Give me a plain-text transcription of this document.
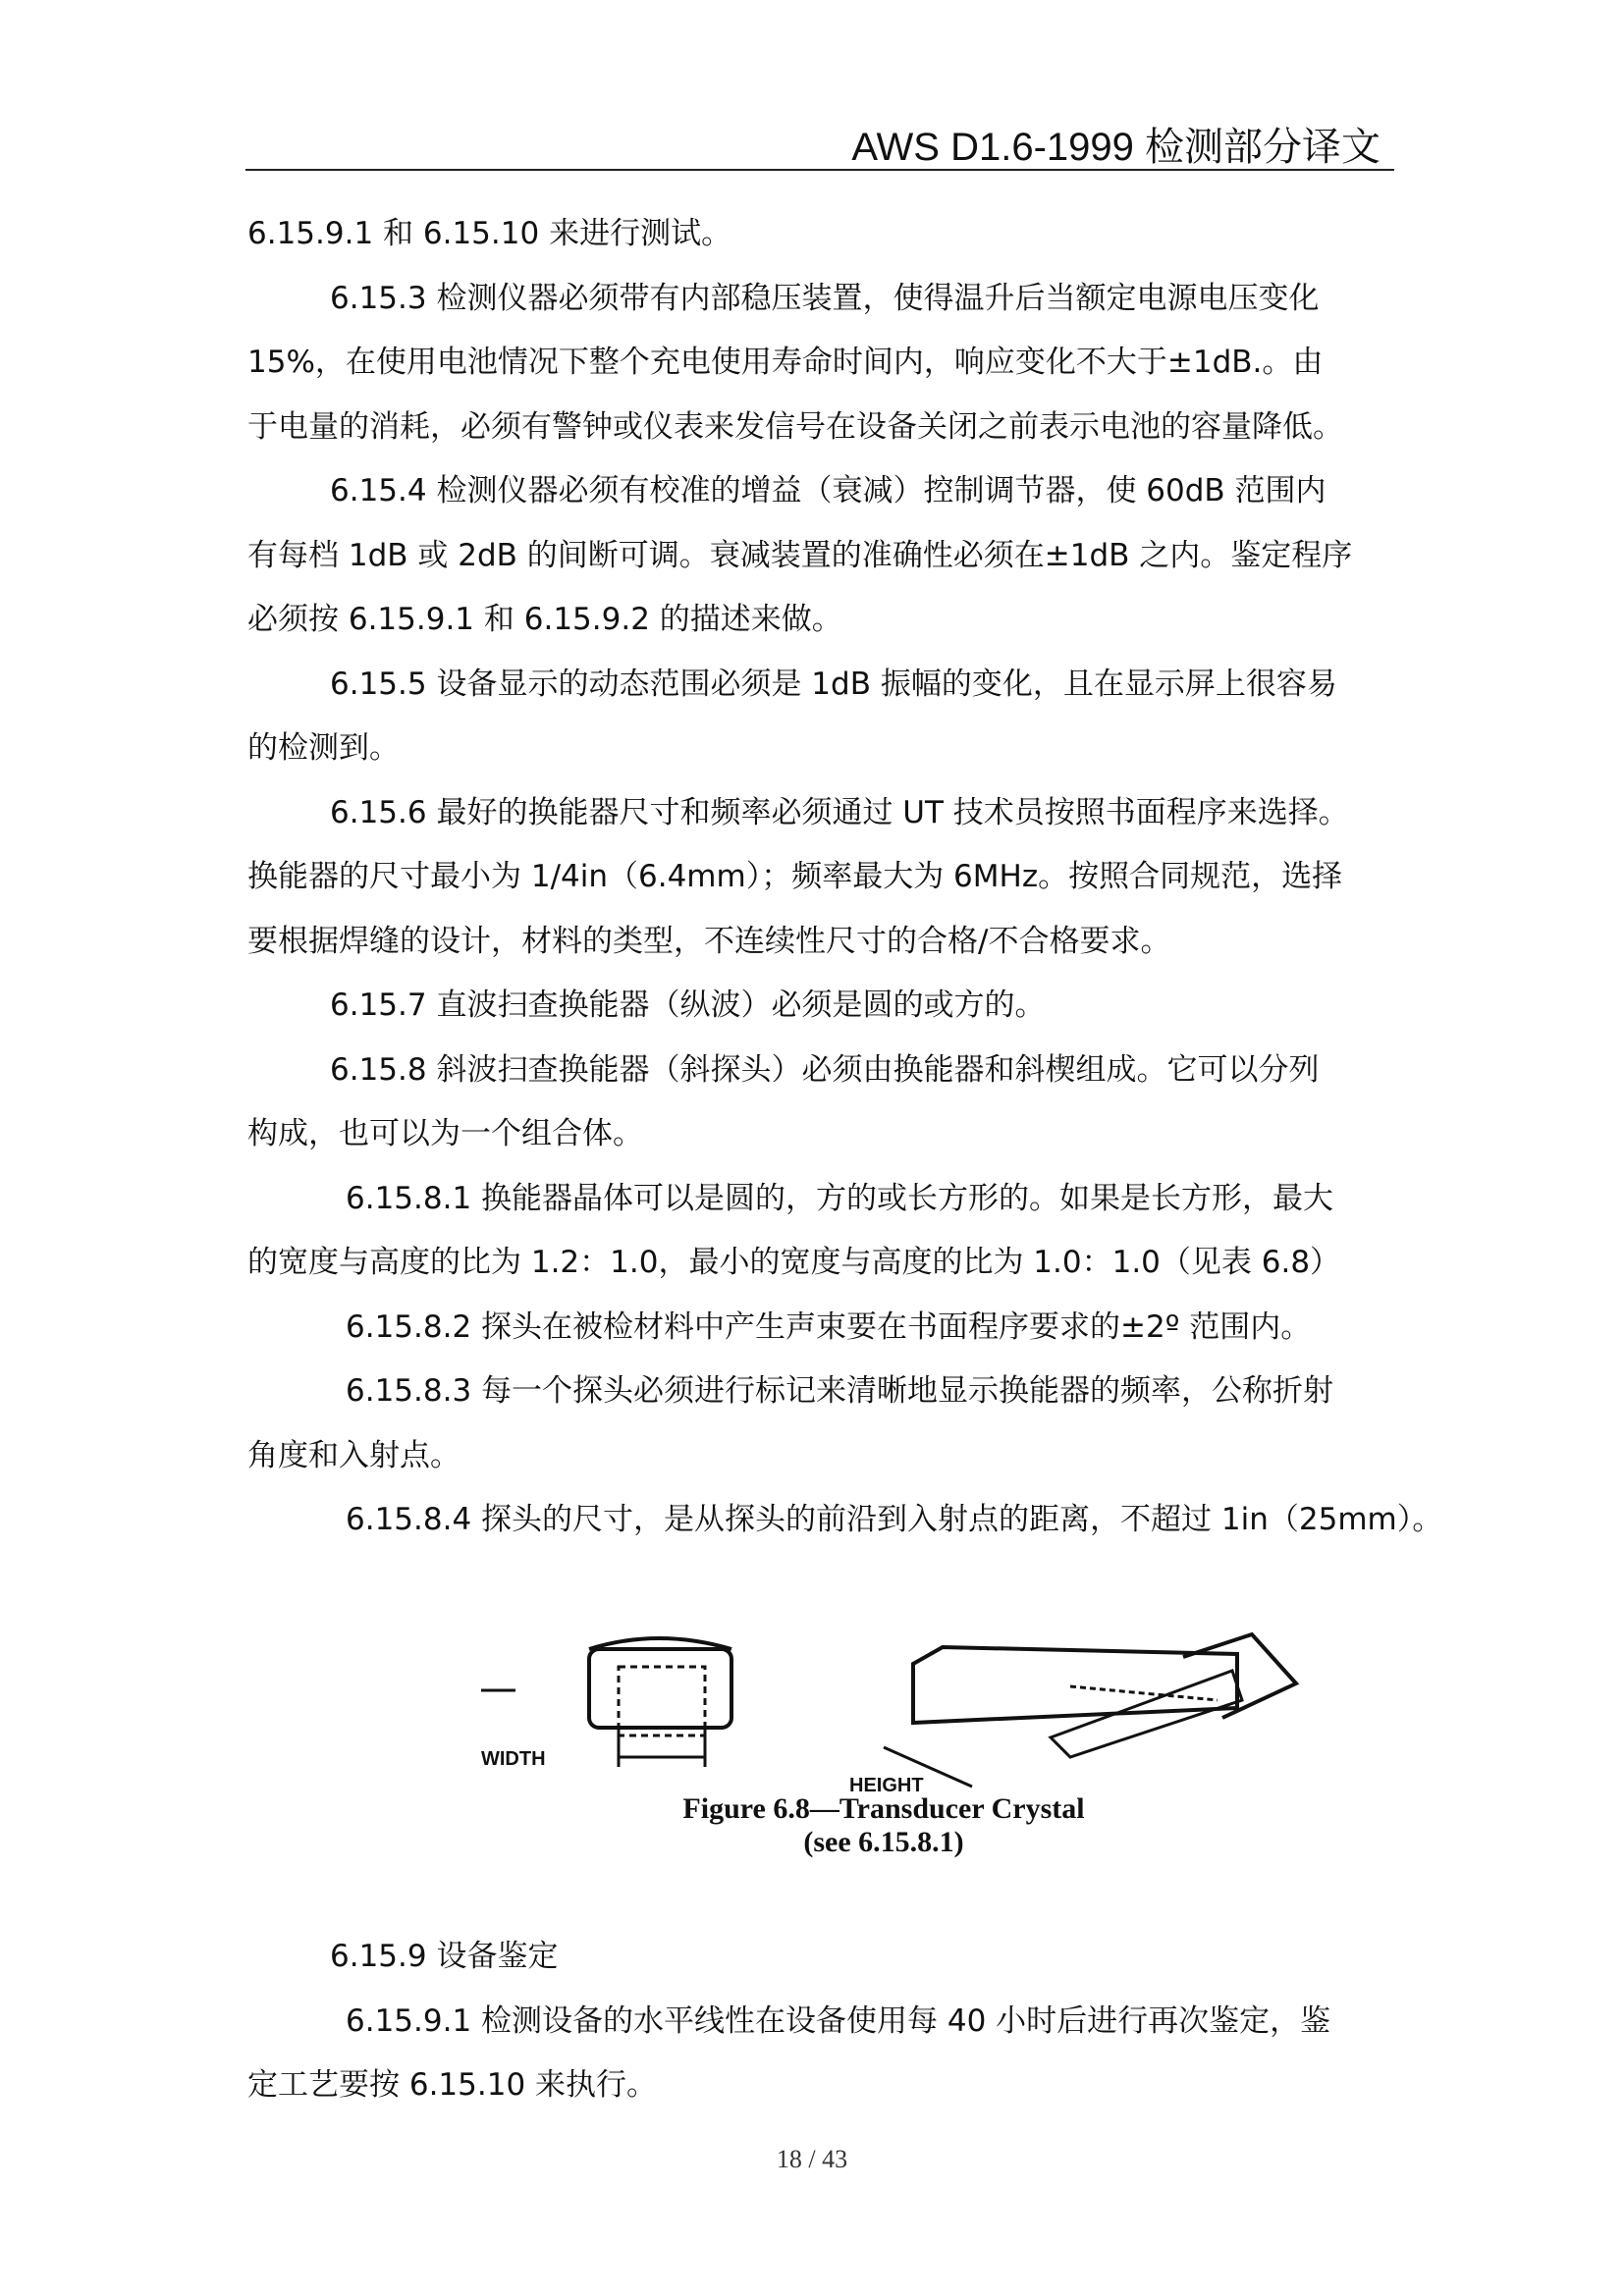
AWS D1.6-1999 检测部分译文

6.15.9.1 和 6.15.10 来进行测试。

6.15.3 检测仪器必须带有内部稳压装置，使得温升后当额定电源电压变化

15%，在使用电池情况下整个充电使用寿命时间内，响应变化不大于±1dB.。由

于电量的消耗，必须有警钟或仪表来发信号在设备关闭之前表示电池的容量降低。

6.15.4 检测仪器必须有校准的增益（衰减）控制调节器，使 60dB 范围内

有每档 1dB 或 2dB 的间断可调。衰减装置的准确性必须在±1dB 之内。鉴定程序

必须按 6.15.9.1 和 6.15.9.2 的描述来做。

6.15.5 设备显示的动态范围必须是 1dB 振幅的变化，且在显示屏上很容易

的检测到。

6.15.6 最好的换能器尺寸和频率必须通过 UT 技术员按照书面程序来选择。

换能器的尺寸最小为 1/4in（6.4mm）；频率最大为 6MHz。按照合同规范，选择

要根据焊缝的设计，材料的类型，不连续性尺寸的合格/不合格要求。

6.15.7 直波扫查换能器（纵波）必须是圆的或方的。

6.15.8 斜波扫查换能器（斜探头）必须由换能器和斜楔组成。它可以分列

构成，也可以为一个组合体。

6.15.8.1 换能器晶体可以是圆的，方的或长方形的。如果是长方形，最大

的宽度与高度的比为 1.2：1.0，最小的宽度与高度的比为 1.0：1.0（见表 6.8）

6.15.8.2 探头在被检材料中产生声束要在书面程序要求的±2º 范围内。

6.15.8.3 每一个探头必须进行标记来清晰地显示换能器的频率，公称折射

角度和入射点。

6.15.8.4 探头的尺寸，是从探头的前沿到入射点的距离，不超过 1in（25mm）。

WIDTH
HEIGHT
Figure 6.8—Transducer Crystal
(see 6.15.8.1)

6.15.9 设备鉴定

6.15.9.1 检测设备的水平线性在设备使用每 40 小时后进行再次鉴定，鉴

定工艺要按 6.15.10 来执行。

18 / 43
